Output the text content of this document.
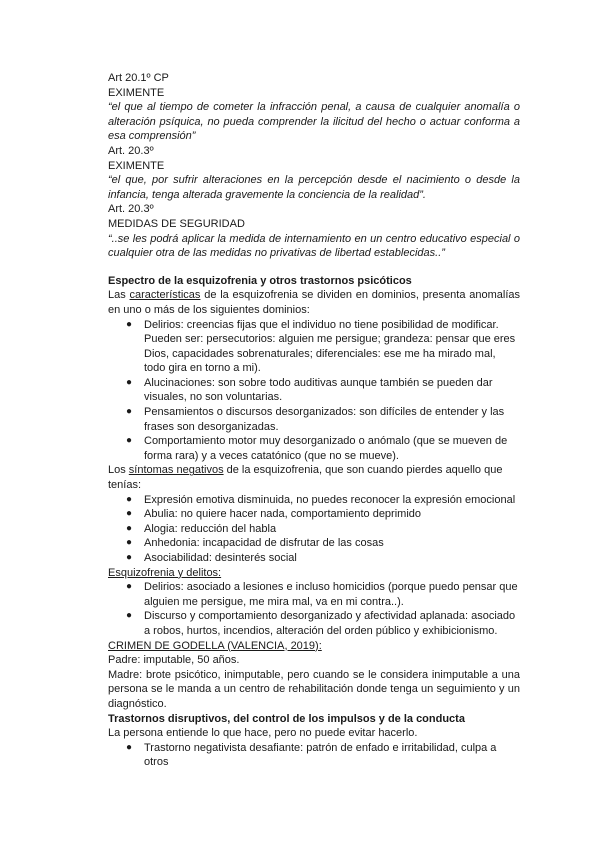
Art 20.1º CP

EXIMENTE

“el que al tiempo de cometer la infracción penal, a causa de cualquier anomalía o alteración psíquica, no pueda comprender la ilicitud del hecho o actuar conforma a esa comprensión”

Art. 20.3º

EXIMENTE

“el que, por sufrir alteraciones en la percepción desde el nacimiento o desde la infancia, tenga alterada gravemente la conciencia de la realidad”.

Art. 20.3º

MEDIDAS DE SEGURIDAD

“..se les podrá aplicar la medida de internamiento en un centro educativo especial o cualquier otra de las medidas no privativas de libertad establecidas..”

Espectro de la esquizofrenia y otros trastornos psicóticos

Las características de la esquizofrenia se dividen en dominios, presenta anomalías en uno o más de los siguientes dominios:

● Delirios: creencias fijas que el individuo no tiene posibilidad de modificar. Pueden ser: persecutorios: alguien me persigue; grandeza: pensar que eres Dios, capacidades sobrenaturales; diferenciales: ese me ha mirado mal, todo gira en torno a mi).
● Alucinaciones: son sobre todo auditivas aunque también se pueden dar visuales, no son voluntarias.
● Pensamientos o discursos desorganizados: son difíciles de entender y las frases son desorganizadas.
● Comportamiento motor muy desorganizado o anómalo (que se mueven de forma rara) y a veces catatónico (que no se mueve).

Los síntomas negativos de la esquizofrenia, que son cuando pierdes aquello que tenías:

● Expresión emotiva disminuida, no puedes reconocer la expresión emocional
● Abulia: no quiere hacer nada, comportamiento deprimido
● Alogia: reducción del habla
● Anhedonia: incapacidad de disfrutar de las cosas
● Asociabilidad: desinterés social

Esquizofrenia y delitos:

● Delirios: asociado a lesiones e incluso homicidios (porque puedo pensar que alguien me persigue, me mira mal, va en mi contra..).
● Discurso y comportamiento desorganizado y afectividad aplanada: asociado a robos, hurtos, incendios, alteración del orden público y exhibicionismo.

CRIMEN DE GODELLA (VALENCIA, 2019):

Padre: imputable, 50 años.

Madre: brote psicótico, inimputable, pero cuando se le considera inimputable a una persona se le manda a un centro de rehabilitación donde tenga un seguimiento y un diagnóstico.

Trastornos disruptivos, del control de los impulsos y de la conducta

La persona entiende lo que hace, pero no puede evitar hacerlo.

● Trastorno negativista desafiante: patrón de enfado e irritabilidad, culpa a otros
